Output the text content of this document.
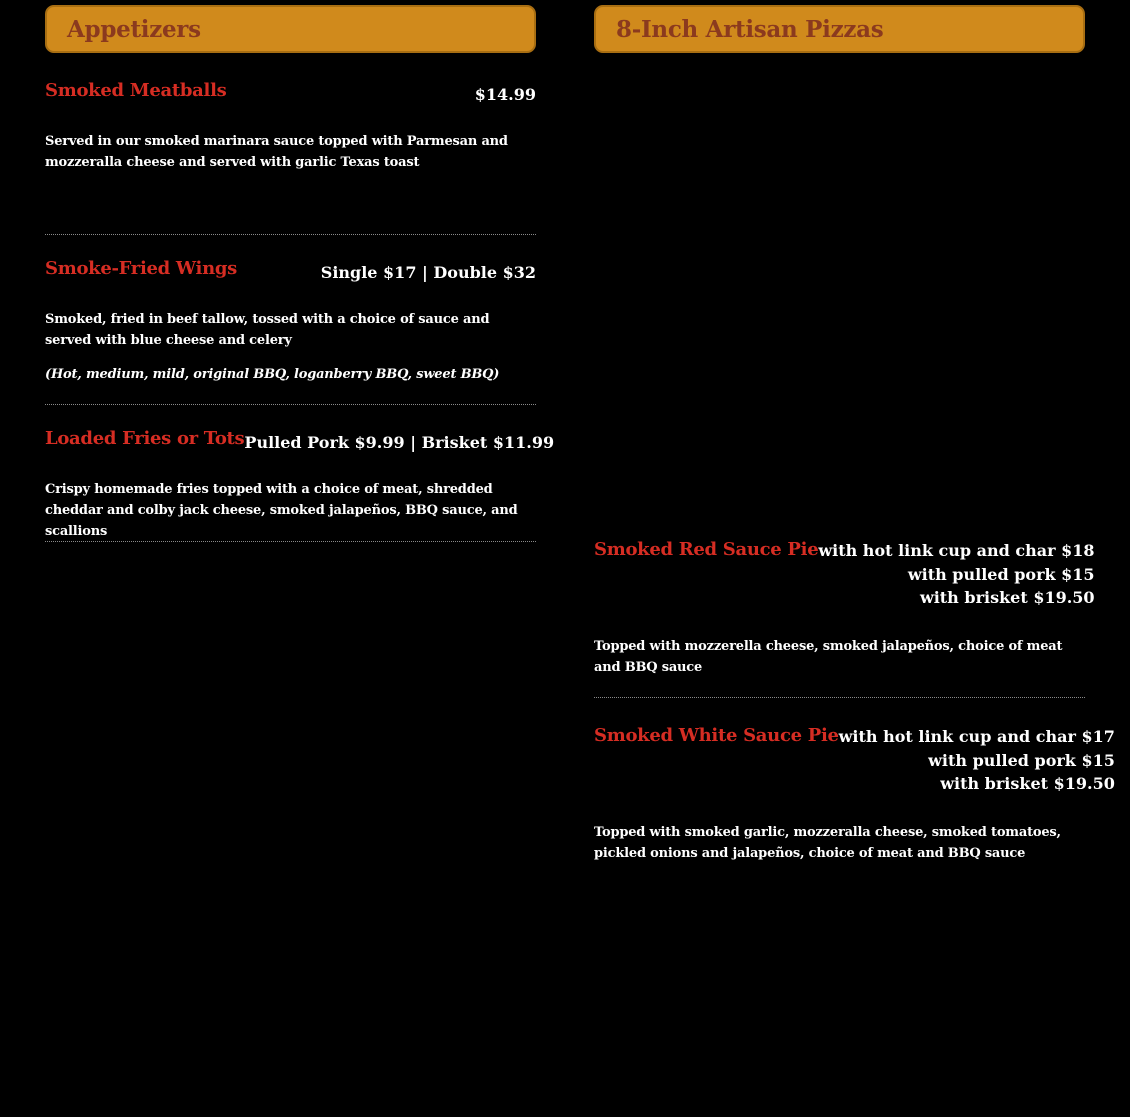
Appetizers
Smoked Meatballs	$14.99
Served in our smoked marinara sauce topped with Parmesan and mozzeralla cheese and served with garlic Texas toast
Smoke-Fried Wings	Single $17 | Double $32
Smoked, fried in beef tallow, tossed with a choice of sauce and served with blue cheese and celery
(Hot, medium, mild, original BBQ, loganberry BBQ, sweet BBQ)
Loaded Fries or Tots Pulled Pork $9.99 | Brisket $11.99
Crispy homemade fries topped with a choice of meat, shredded cheddar and colby jack cheese, smoked jalapeños, BBQ sauce, and scallions
8-Inch Artisan Pizzas
Smoked Red Sauce Pie with hot link cup and char $18
with pulled pork $15
with brisket $19.50
Topped with mozzerella cheese, smoked jalapeños, choice of meat and BBQ sauce
Smoked White Sauce Pie with hot link cup and char $17
with pulled pork $15
with brisket $19.50
Topped with smoked garlic, mozzeralla cheese, smoked tomatoes, pickled onions and jalapeños, choice of meat and BBQ sauce
